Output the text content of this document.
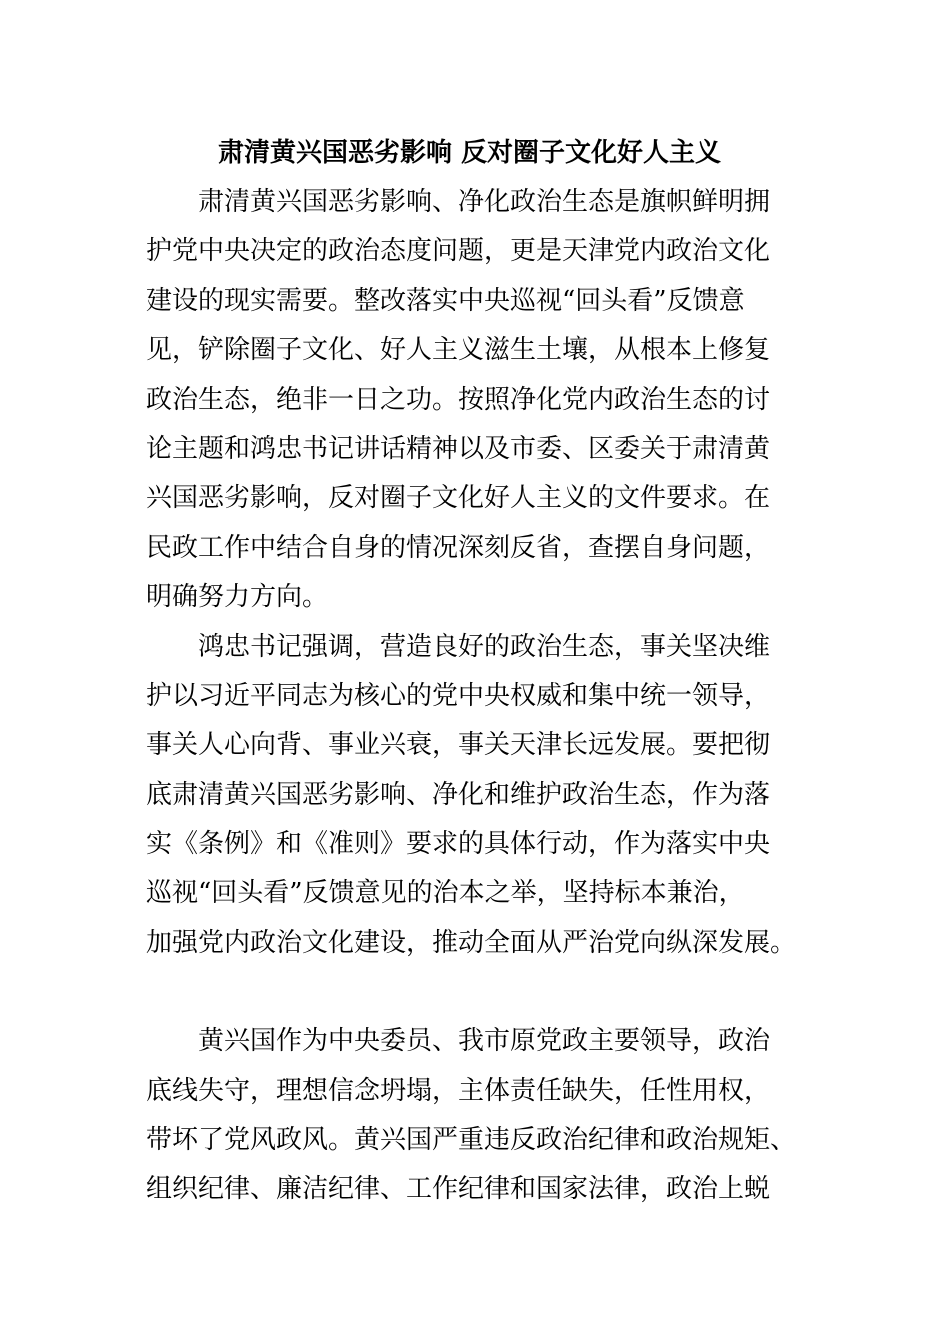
肃清黄兴国恶劣影响 反对圈子文化好人主义
肃清黄兴国恶劣影响、净化政治生态是旗帜鲜明拥
护党中央决定的政治态度问题，更是天津党内政治文化
建设的现实需要。整改落实中央巡视“回头看”反馈意
见，铲除圈子文化、好人主义滋生土壤，从根本上修复
政治生态，绝非一日之功。按照净化党内政治生态的讨
论主题和鸿忠书记讲话精神以及市委、区委关于肃清黄
兴国恶劣影响，反对圈子文化好人主义的文件要求。在
民政工作中结合自身的情况深刻反省，查摆自身问题，
明确努力方向。
鸿忠书记强调，营造良好的政治生态，事关坚决维
护以习近平同志为核心的党中央权威和集中统一领导，
事关人心向背、事业兴衰，事关天津长远发展。要把彻
底肃清黄兴国恶劣影响、净化和维护政治生态，作为落
实《条例》和《准则》要求的具体行动，作为落实中央
巡视“回头看”反馈意见的治本之举，坚持标本兼治，
加强党内政治文化建设，推动全面从严治党向纵深发展。
黄兴国作为中央委员、我市原党政主要领导，政治
底线失守，理想信念坍塌，主体责任缺失，任性用权，
带坏了党风政风。黄兴国严重违反政治纪律和政治规矩、
组织纪律、廉洁纪律、工作纪律和国家法律，政治上蜕
